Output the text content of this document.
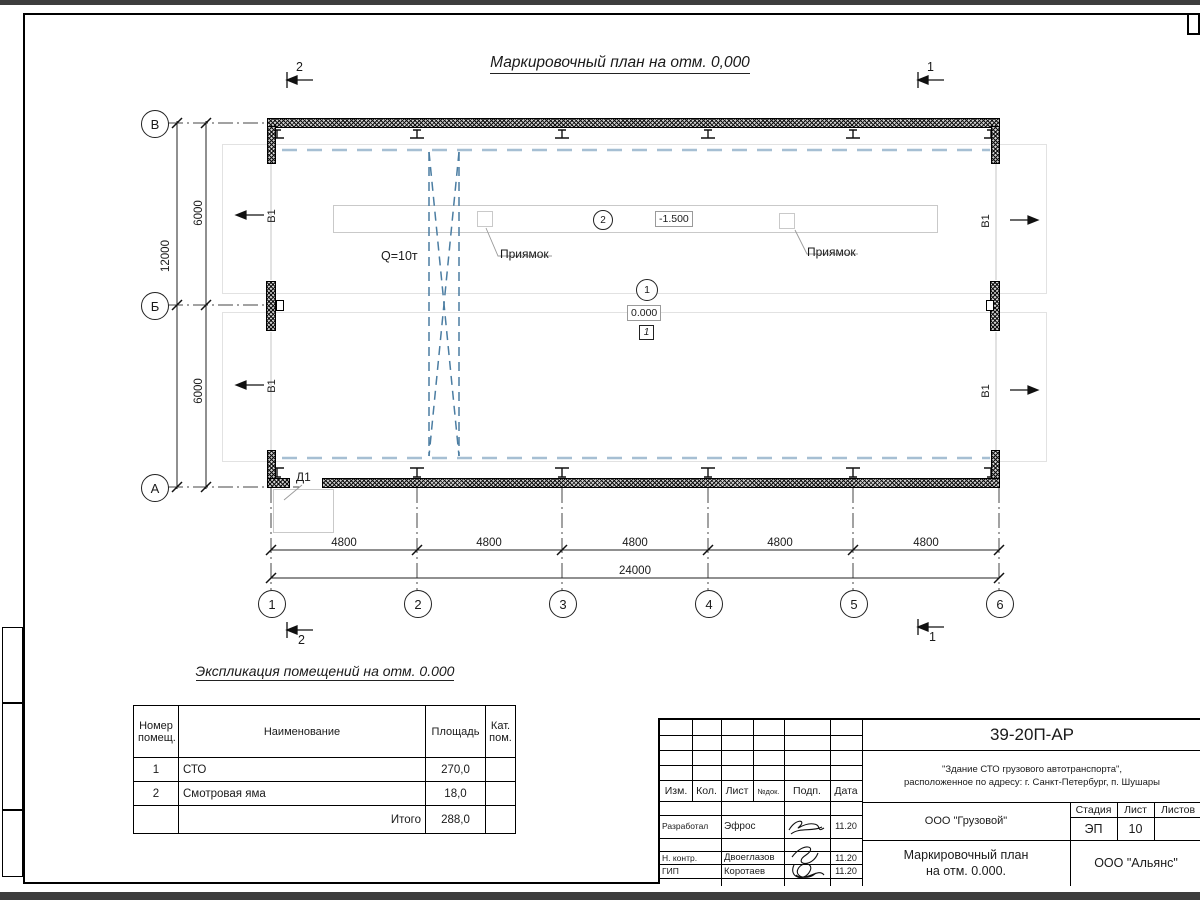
Маркировочный план на отм. 0,000
В
Б
А
1	2	3	4	5	6
12000
6000
6000
4800	4800	4800	4800	4800
24000
В1
В1
В1
В1
Q=10т	Приямок	Приямок
2	-1.500
1
0.000
1
Д1
2	1
2	1
Экспликация помещений на отм. 0.000
Номер помещ.	Наименование	Площадь	Кат. пом.
1	СТО	270,0	
2	Смотровая яма	18,0	
	Итого	288,0	
Изм. Кол. Лист	№док.	Подп.	Дата
Разработал	Эфрос	11.20
Н. контр.	Двоеглазов	11.20
ГИП	Коротаев	11.20
39-20П-АР
"Здание СТО грузового автотранспорта",
расположенное по адресу: г. Санкт-Петербург, п. Шушары
ООО "Грузовой"
Стадия	Лист	Листов
ЭП	10
Маркировочный план
на отм. 0.000.
ООО "Альянс"
